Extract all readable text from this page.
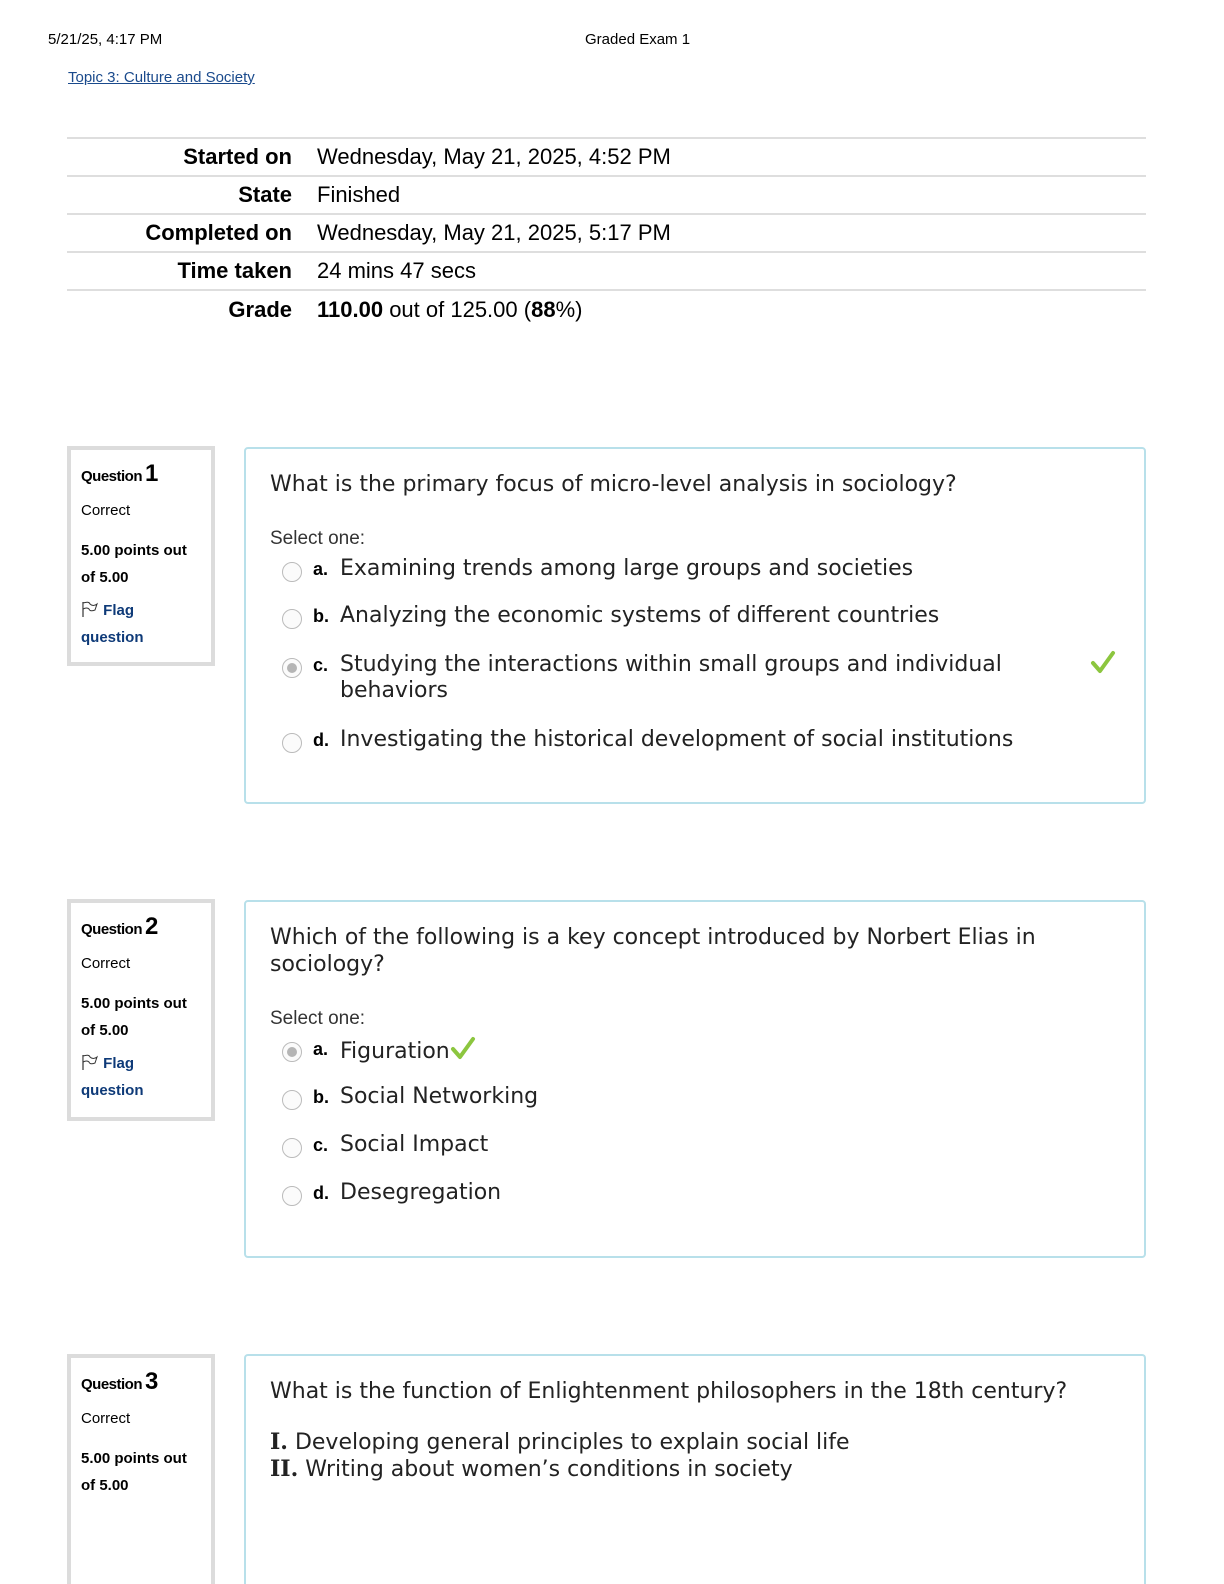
5/21/25, 4:17 PM	Graded Exam 1
Topic 3: Culture and Society
Started on	Wednesday, May 21, 2025, 4:52 PM
State	Finished
Completed on	Wednesday, May 21, 2025, 5:17 PM
Time taken	24 mins 47 secs
Grade	110.00 out of 125.00 (88%)
Question 1
Correct
5.00 points out
of 5.00
Flag
question
What is the primary focus of micro-level analysis in sociology?
Select one:
a. Examining trends among large groups and societies
b. Analyzing the economic systems of different countries
c. Studying the interactions within small groups and individual behaviors
d. Investigating the historical development of social institutions
Question 2
Correct
5.00 points out
of 5.00
Flag
question
Which of the following is a key concept introduced by Norbert Elias in sociology?
Select one:
a. Figuration
b. Social Networking
c. Social Impact
d. Desegregation
Question 3
Correct
5.00 points out
of 5.00
What is the function of Enlightenment philosophers in the 18th century?
I. Developing general principles to explain social life
II. Writing about women’s conditions in society
